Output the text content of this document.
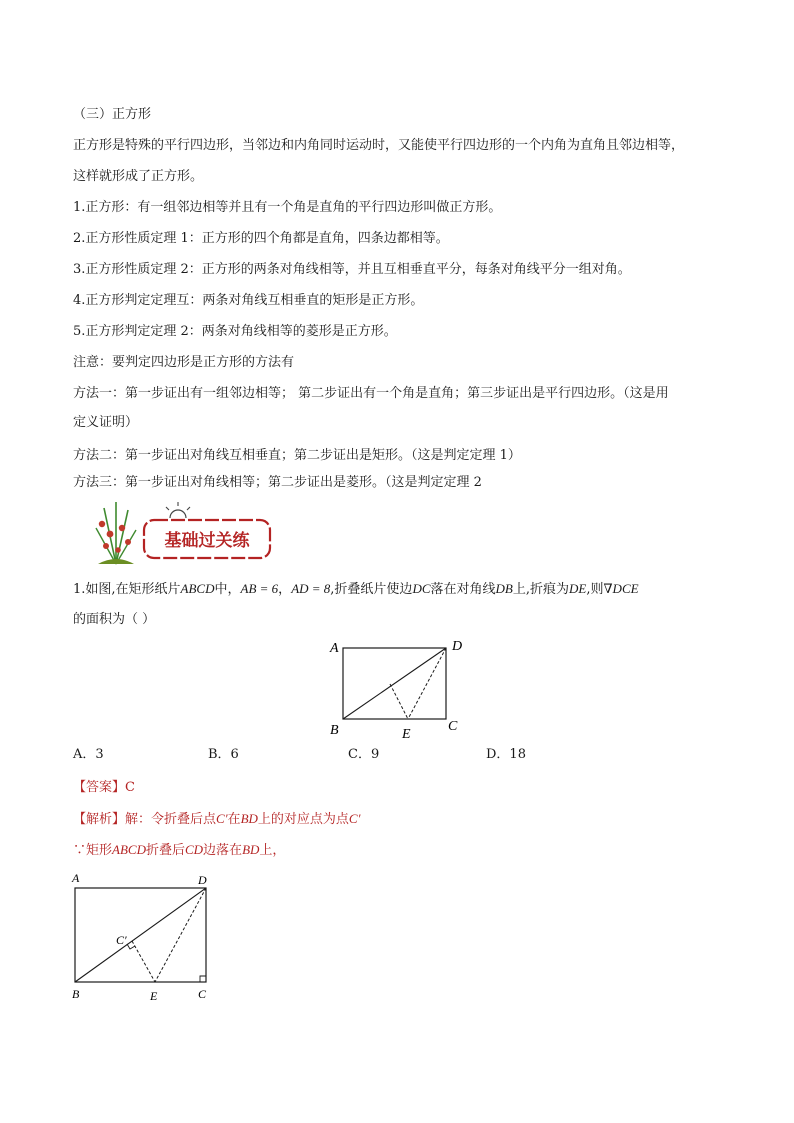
（三）正方形
正方形是特殊的平行四边形，当邻边和内角同时运动时，又能使平行四边形的一个内角为直角且邻边相等，
这样就形成了正方形。
1.正方形：有一组邻边相等并且有一个角是直角的平行四边形叫做正方形。
2.正方形性质定理 1：正方形的四个角都是直角，四条边都相等。
3.正方形性质定理 2：正方形的两条对角线相等，并且互相垂直平分，每条对角线平分一组对角。
4.正方形判定定理互：两条对角线互相垂直的矩形是正方形。
5.正方形判定定理 2：两条对角线相等的菱形是正方形。
注意：要判定四边形是正方形的方法有
方法一：第一步证出有一组邻边相等； 第二步证出有一个角是直角；第三步证出是平行四边形。（这是用
定义证明）
方法二：第一步证出对角线互相垂直；第二步证出是矩形。（这是判定定理 1）
方法三：第一步证出对角线相等；第二步证出是菱形。（这是判定定理 2
基础过关练
1.如图,在矩形纸片ABCD中，AB = 6，AD = 8,折叠纸片使边DC落在对角线DB上,折痕为DE,则∇DCE
的面积为（ ）
A	D
B	C
E
A．3	B．6	C．9	D．18
【答案】C
【解析】解：令折叠后点C′在BD上的对应点为点C′
∵矩形ABCD折叠后CD边落在BD上，
A	D
B	C
E
C′
